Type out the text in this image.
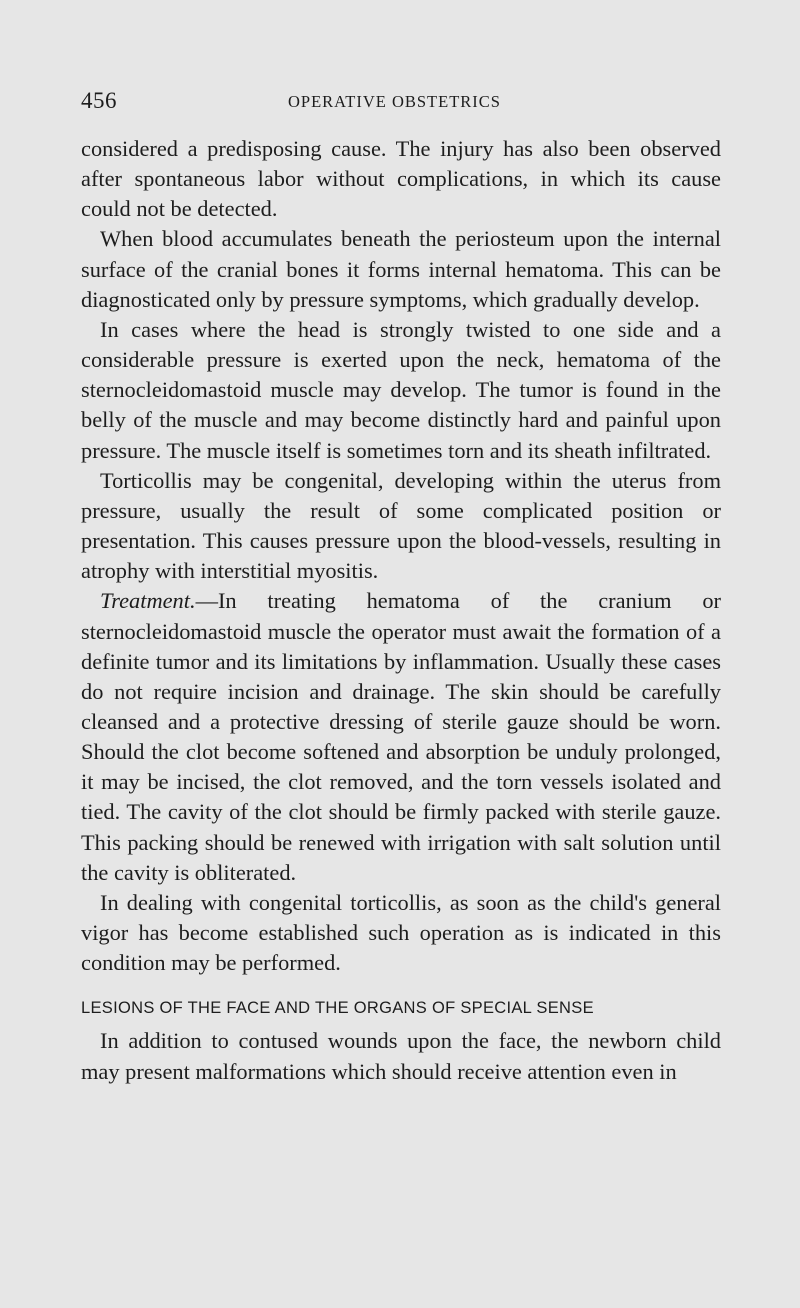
456	OPERATIVE OBSTETRICS

considered a predisposing cause. The injury has also been observed after spontaneous labor without complications, in which its cause could not be detected.

When blood accumulates beneath the periosteum upon the internal surface of the cranial bones it forms internal hematoma. This can be diagnosticated only by pressure symptoms, which gradually develop.

In cases where the head is strongly twisted to one side and a considerable pressure is exerted upon the neck, hematoma of the sternocleidomastoid muscle may develop. The tumor is found in the belly of the muscle and may become distinctly hard and painful upon pressure. The muscle itself is sometimes torn and its sheath infiltrated.

Torticollis may be congenital, developing within the uterus from pressure, usually the result of some complicated position or presentation. This causes pressure upon the blood-vessels, resulting in atrophy with interstitial myositis.

Treatment.—In treating hematoma of the cranium or sternocleidomastoid muscle the operator must await the formation of a definite tumor and its limitations by inflammation. Usually these cases do not require incision and drainage. The skin should be carefully cleansed and a protective dressing of sterile gauze should be worn. Should the clot become softened and absorption be unduly prolonged, it may be incised, the clot removed, and the torn vessels isolated and tied. The cavity of the clot should be firmly packed with sterile gauze. This packing should be renewed with irrigation with salt solution until the cavity is obliterated.

In dealing with congenital torticollis, as soon as the child's general vigor has become established such operation as is indicated in this condition may be performed.

LESIONS OF THE FACE AND THE ORGANS OF SPECIAL SENSE

In addition to contused wounds upon the face, the newborn child may present malformations which should receive attention even in
